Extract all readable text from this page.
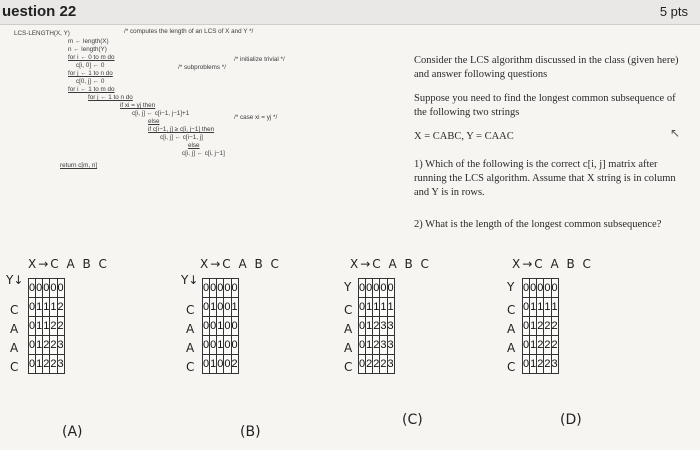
uestion 22	5 pts
LCS-LENGTH(X, Y)	/* computes the length of an LCS of X and Y */
m ← length(X)
n ← length(Y)
for i ← 0 to m do
c[i, 0] ← 0
for j ← 1 to n do
c[0, j] ← 0
for i ← 1 to m do
for j ← 1 to n do
if xi = yj then
c[i, j] ← c[i−1, j−1]+1
else
if c[i−1, j] ≥ c[i, j−1] then
c[i, j] ← c[i−1, j]
else
c[i, j] ← c[i, j−1]
return c[m, n]
/* initialize trivial */
/* subproblems */
/* case xi = yj */
Consider the LCS algorithm discussed in the class (given here) and answer following questions
Suppose you need to find the longest common subsequence of the following two strings
X = CABC, Y = CAAC	↖
1) Which of the following is the correct c[i, j] matrix after running the LCS algorithm. Assume that X string is in column and Y is in rows.
2) What is the length of the longest common subsequence?
X→C A B C
Y↓
C
A
A
C
0	0	0	0	0
0	1	1	1	2
0	1	1	2	2
0	1	2	2	3
0	1	2	2	3
(A)
X→C A B C
Y↓
C
A
A
C
0	0	0	0	0
0	1	0	0	1
0	0	1	0	0
0	0	1	0	0
0	1	0	0	2
(B)
X→C A B C
Y
C
A
A
C
0	0	0	0	0
0	1	1	1	1
0	1	2	3	3
0	1	2	3	3
0	2	2	2	3
(C)
X→C A B C
Y
C
A
A
C
0	0	0	0	0
0	1	1	1	1
0	1	2	2	2
0	1	2	2	2
0	1	2	2	3
(D)
